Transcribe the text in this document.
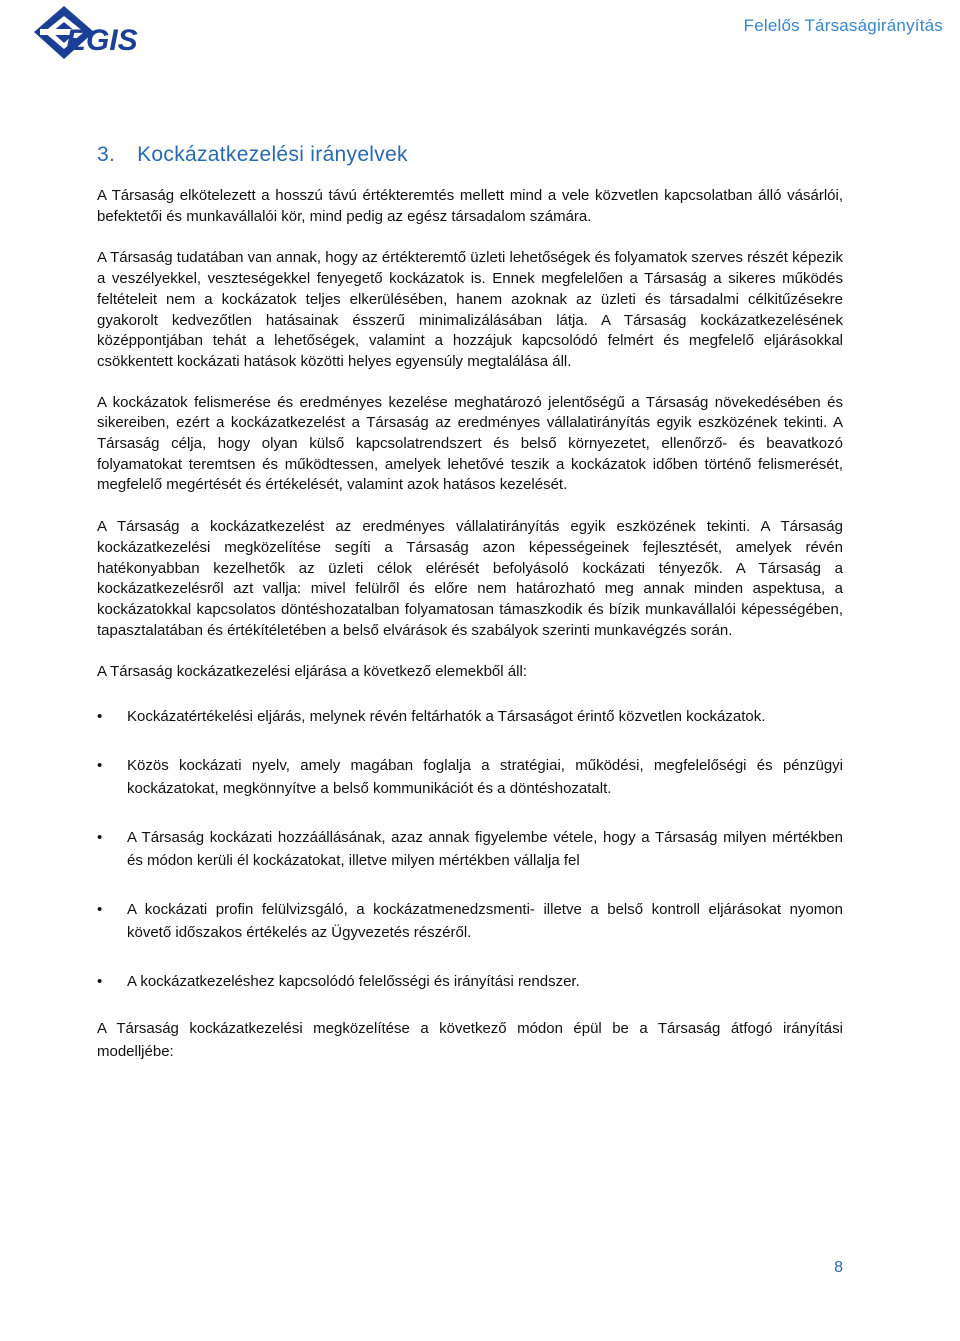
EGIS	Felelős Társaságirányítás
3. Kockázatkezelési irányelvek

A Társaság elkötelezett a hosszú távú értékteremtés mellett mind a vele közvetlen kapcsolatban álló vásárlói, befektetői és munkavállalói kör, mind pedig az egész társadalom számára.

A Társaság tudatában van annak, hogy az értékteremtő üzleti lehetőségek és folyamatok szerves részét képezik a veszélyekkel, veszteségekkel fenyegető kockázatok is. Ennek megfelelően a Társaság a sikeres működés feltételeit nem a kockázatok teljes elkerülésében, hanem azoknak az üzleti és társadalmi célkitűzésekre gyakorolt kedvezőtlen hatásainak ésszerű minimalizálásában látja. A Társaság kockázatkezelésének középpontjában tehát a lehetőségek, valamint a hozzájuk kapcsolódó felmért és megfelelő eljárásokkal csökkentett kockázati hatások közötti helyes egyensúly megtalálása áll.

A kockázatok felismerése és eredményes kezelése meghatározó jelentőségű a Társaság növekedésében és sikereiben, ezért a kockázatkezelést a Társaság az eredményes vállalatirányítás egyik eszközének tekinti. A Társaság célja, hogy olyan külső kapcsolatrendszert és belső környezetet, ellenőrző- és beavatkozó folyamatokat teremtsen és működtessen, amelyek lehetővé teszik a kockázatok időben történő felismerését, megfelelő megértését és értékelését, valamint azok hatásos kezelését.

A Társaság a kockázatkezelést az eredményes vállalatirányítás egyik eszközének tekinti. A Társaság kockázatkezelési megközelítése segíti a Társaság azon képességeinek fejlesztését, amelyek révén hatékonyabban kezelhetők az üzleti célok elérését befolyásoló kockázati tényezők. A Társaság a kockázatkezelésről azt vallja: mivel felülről és előre nem határozható meg annak minden aspektusa, a kockázatokkal kapcsolatos döntéshozatalban folyamatosan támaszkodik és bízik munkavállalói képességében, tapasztalatában és értékítéletében a belső elvárások és szabályok szerinti munkavégzés során.

A Társaság kockázatkezelési eljárása a következő elemekből áll:

•	Kockázatértékelési eljárás, melynek révén feltárhatók a Társaságot érintő közvetlen kockázatok.
•	Közös kockázati nyelv, amely magában foglalja a stratégiai, működési, megfelelőségi és pénzügyi kockázatokat, megkönnyítve a belső kommunikációt és a döntéshozatalt.
•	A Társaság kockázati hozzáállásának, azaz annak figyelembe vétele, hogy a Társaság milyen mértékben és módon kerüli él kockázatokat, illetve milyen mértékben vállalja fel
•	A kockázati profin felülvizsgáló, a kockázatmenedzsmenti- illetve a belső kontroll eljárásokat nyomon követő időszakos értékelés az Ügyvezetés részéről.
•	A kockázatkezeléshez kapcsolódó felelősségi és irányítási rendszer.

A Társaság kockázatkezelési megközelítése a következő módon épül be a Társaság átfogó irányítási modelljébe:

8
